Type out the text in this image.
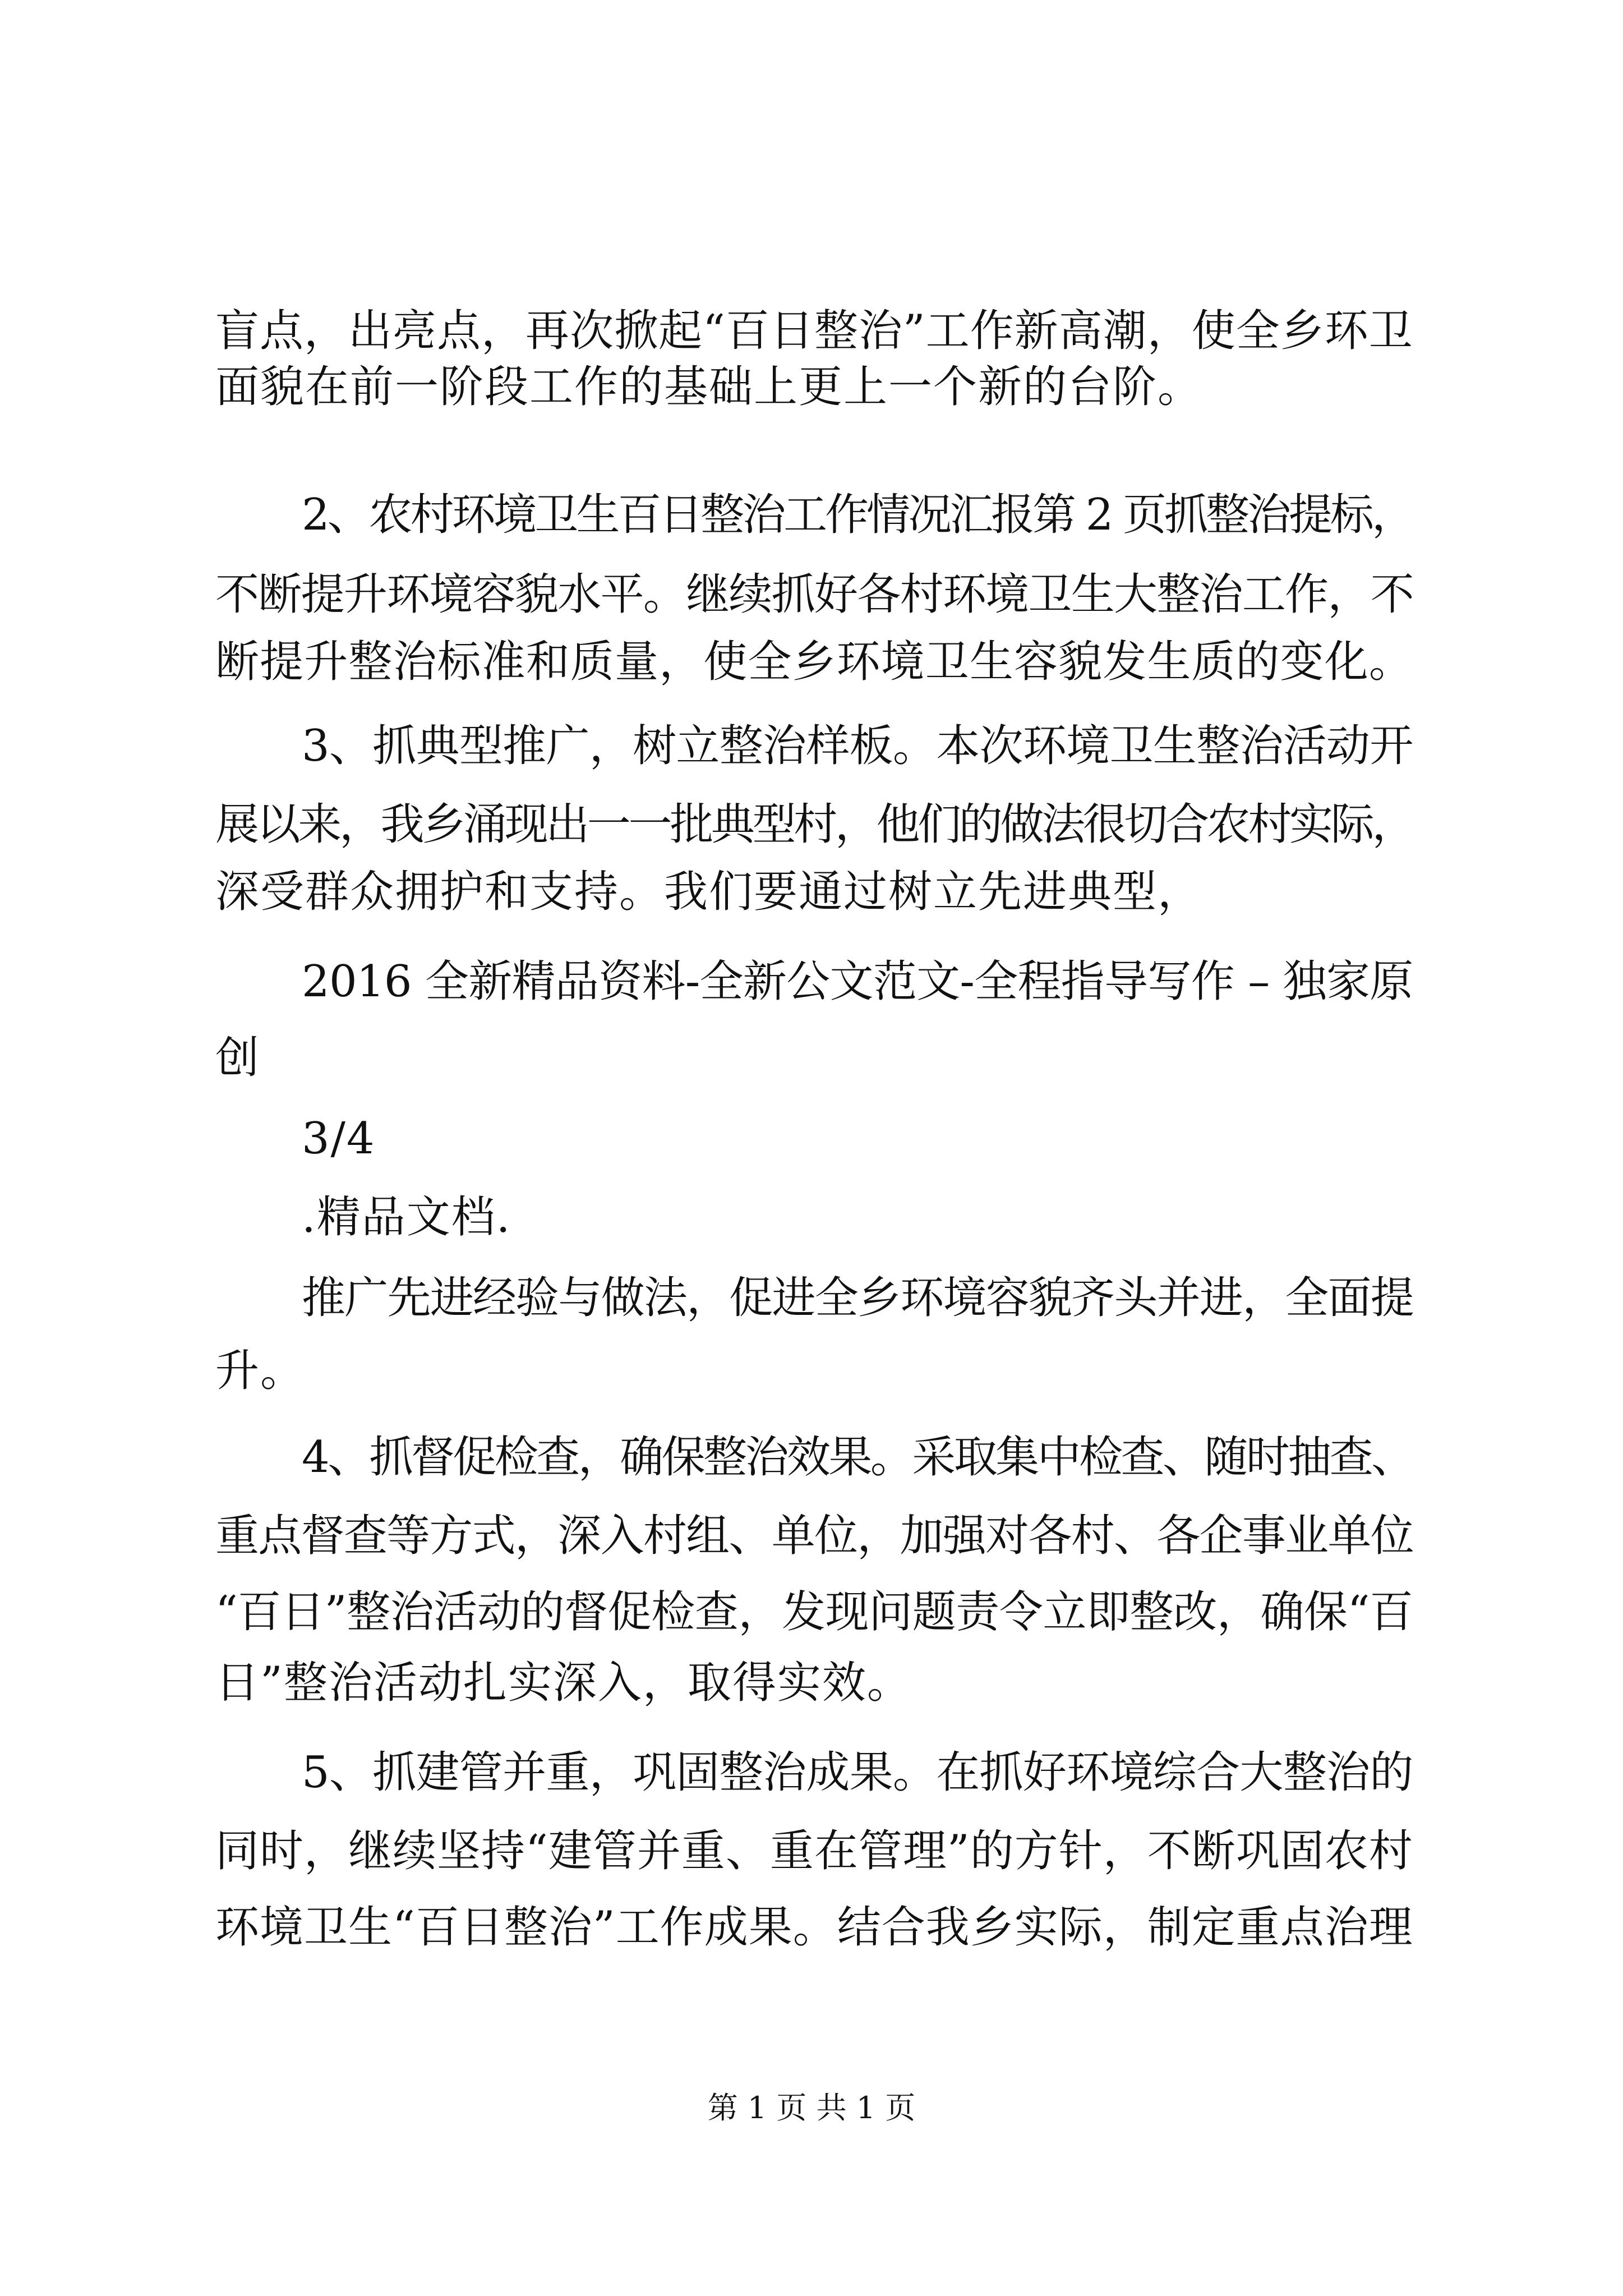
盲点，出亮点，再次掀起“百日整治”工作新高潮，使全乡环卫
面貌在前一阶段工作的基础上更上一个新的台阶。
2、农村环境卫生百日整治工作情况汇报第 2 页抓整治提标，
不断提升环境容貌水平。继续抓好各村环境卫生大整治工作，不
断提升整治标准和质量，使全乡环境卫生容貌发生质的变化。
3、抓典型推广，树立整治样板。本次环境卫生整治活动开
展以来，我乡涌现出一一批典型村，他们的做法很切合农村实际，
深受群众拥护和支持。我们要通过树立先进典型，
2016 全新精品资料-全新公文范文-全程指导写作 – 独家原
创
3/4
.精品文档.
推广先进经验与做法，促进全乡环境容貌齐头并进，全面提
升。
4、抓督促检查，确保整治效果。采取集中检查、随时抽查、
重点督查等方式，深入村组、单位，加强对各村、各企事业单位
“百日”整治活动的督促检查，发现问题责令立即整改，确保“百
日”整治活动扎实深入，取得实效。
5、抓建管并重，巩固整治成果。在抓好环境综合大整治的
同时，继续坚持“建管并重、重在管理”的方针，不断巩固农村
环境卫生“百日整治”工作成果。结合我乡实际，制定重点治理
第 1 页 共 1 页
